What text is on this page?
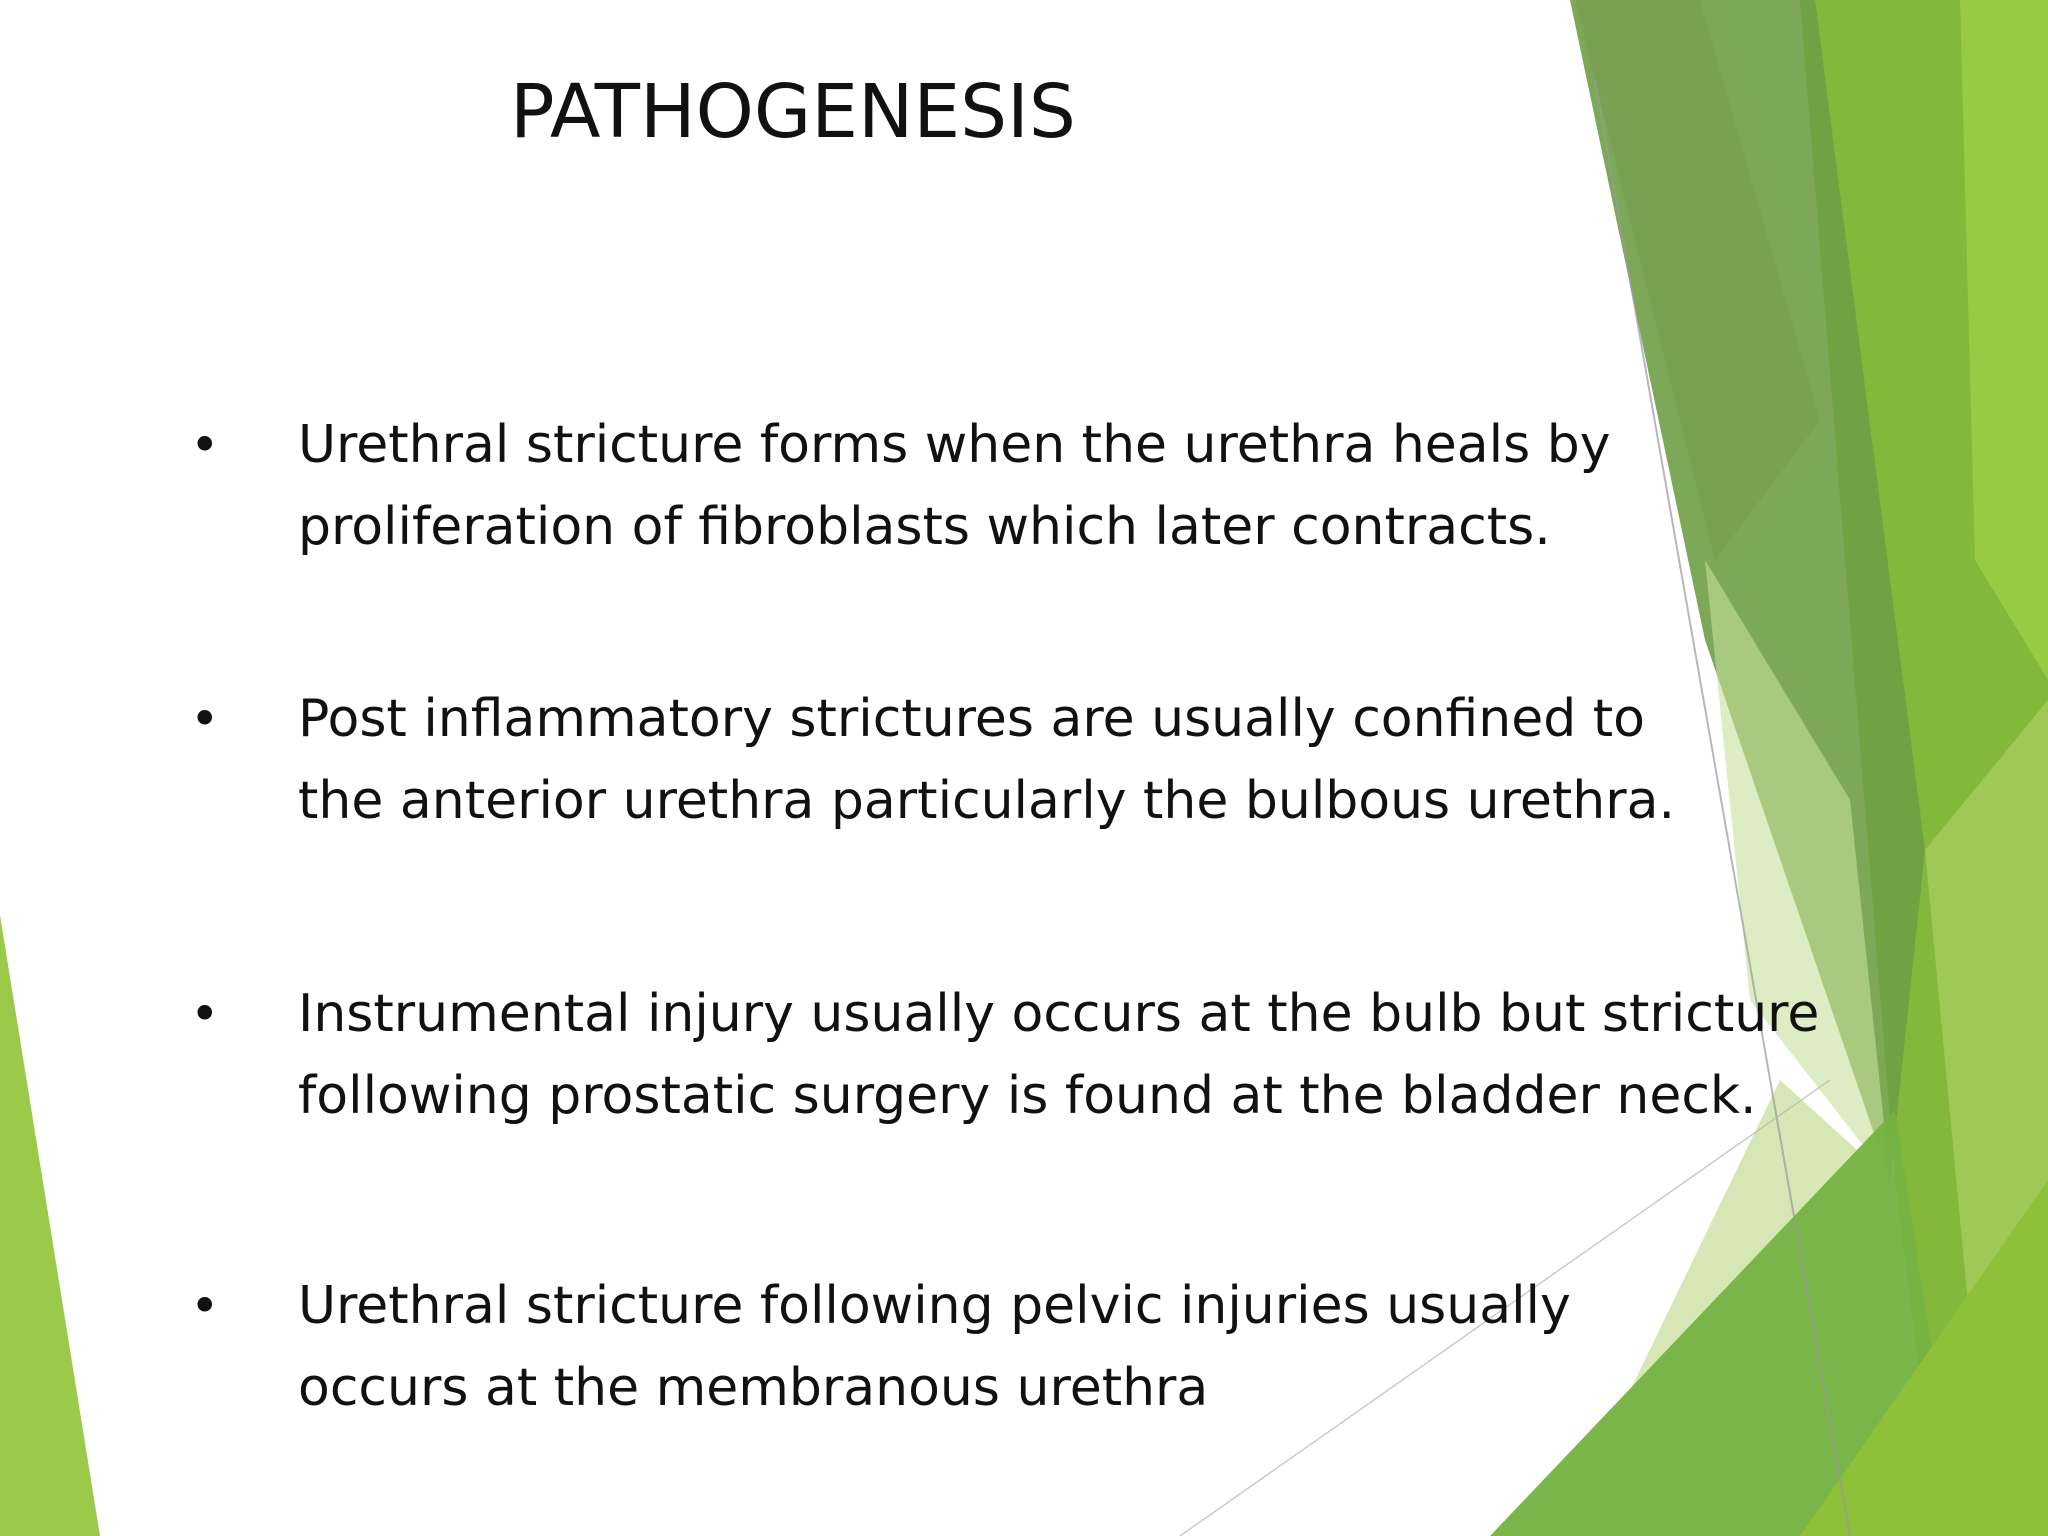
PATHOGENESIS
• Urethral stricture forms when the urethra heals by
proliferation of fibroblasts which later contracts.
• Post inflammatory strictures are usually confined to
the anterior urethra particularly the bulbous urethra.
• Instrumental injury usually occurs at the bulb but stricture
following prostatic surgery is found at the bladder neck.
• Urethral stricture following pelvic injuries usually
occurs at the membranous urethra
